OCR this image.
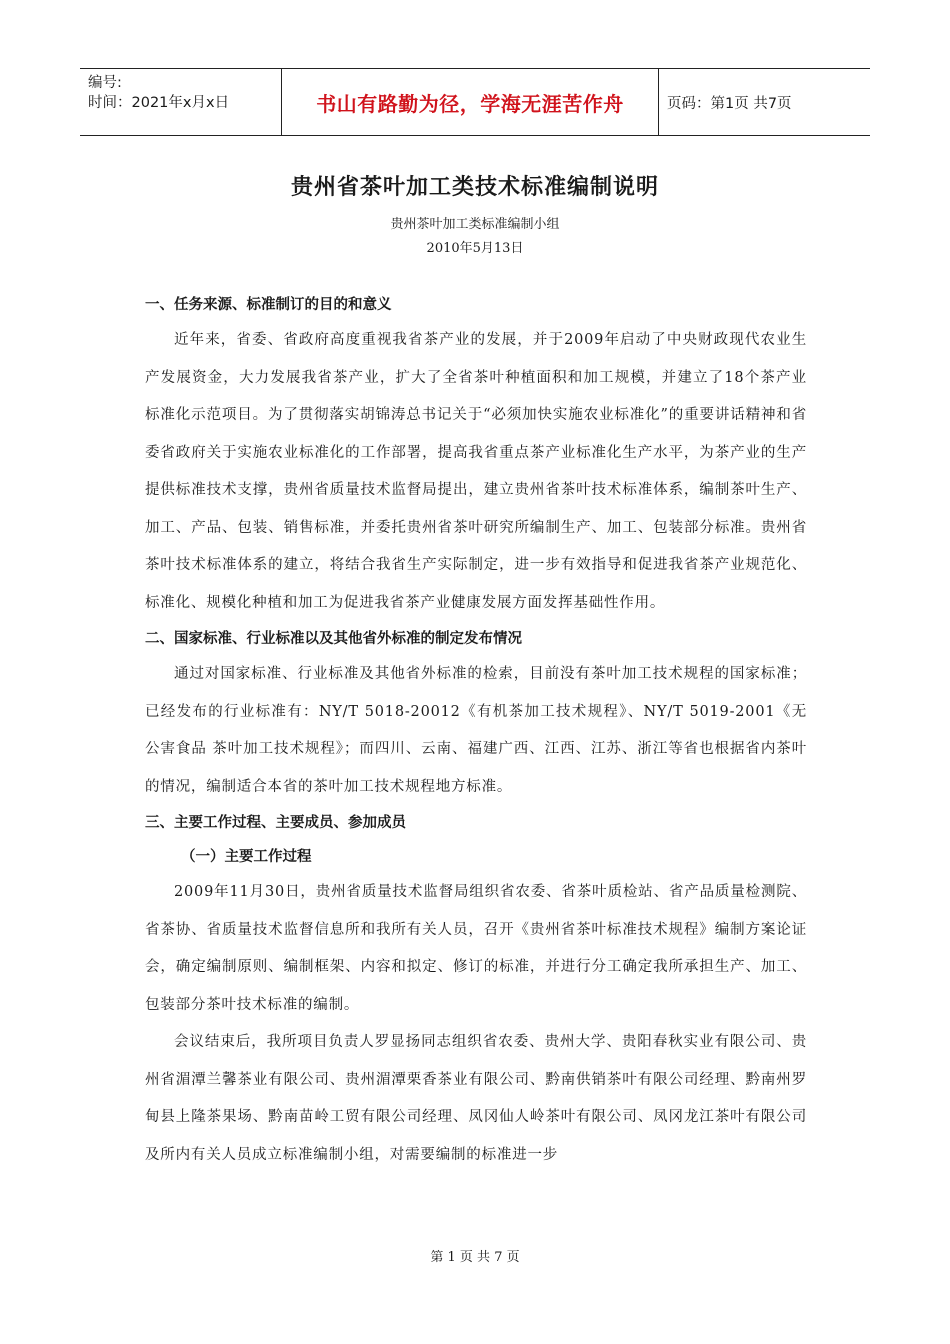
编号:
时间：2021年x月x日	书山有路勤为径，学海无涯苦作舟	页码：第1页 共7页
贵州省茶叶加工类技术标准编制说明
贵州茶叶加工类标准编制小组
2010年5月13日
一、任务来源、标准制订的目的和意义

近年来，省委、省政府高度重视我省茶产业的发展，并于2009年启动了中央财政现代农业生产发展资金，大力发展我省茶产业，扩大了全省茶叶种植面积和加工规模，并建立了18个茶产业标准化示范项目。为了贯彻落实胡锦涛总书记关于“必须加快实施农业标准化”的重要讲话精神和省委省政府关于实施农业标准化的工作部署，提高我省重点茶产业标准化生产水平，为茶产业的生产提供标准技术支撑，贵州省质量技术监督局提出，建立贵州省茶叶技术标准体系，编制茶叶生产、加工、产品、包装、销售标准，并委托贵州省茶叶研究所编制生产、加工、包装部分标准。贵州省茶叶技术标准体系的建立，将结合我省生产实际制定，进一步有效指导和促进我省茶产业规范化、标准化、规模化种植和加工为促进我省茶产业健康发展方面发挥基础性作用。

二、国家标准、行业标准以及其他省外标准的制定发布情况

通过对国家标准、行业标准及其他省外标准的检索，目前没有茶叶加工技术规程的国家标准；已经发布的行业标准有：NY/T 5018-20012《有机茶加工技术规程》、NY/T 5019-2001《无公害食品 茶叶加工技术规程》；而四川、云南、福建广西、江西、江苏、浙江等省也根据省内茶叶的情况，编制适合本省的茶叶加工技术规程地方标准。

三、主要工作过程、主要成员、参加成员
（一）主要工作过程

2009年11月30日，贵州省质量技术监督局组织省农委、省茶叶质检站、省产品质量检测院、省茶协、省质量技术监督信息所和我所有关人员，召开《贵州省茶叶标准技术规程》编制方案论证会，确定编制原则、编制框架、内容和拟定、修订的标准，并进行分工确定我所承担生产、加工、包装部分茶叶技术标准的编制。

会议结束后，我所项目负责人罗显扬同志组织省农委、贵州大学、贵阳春秋实业有限公司、贵州省湄潭兰馨茶业有限公司、贵州湄潭栗香茶业有限公司、黔南供销茶叶有限公司经理、黔南州罗甸县上隆茶果场、黔南苗岭工贸有限公司经理、凤冈仙人岭茶叶有限公司、凤冈龙江茶叶有限公司及所内有关人员成立标准编制小组，对需要编制的标准进一步

第 1 页 共 7 页
